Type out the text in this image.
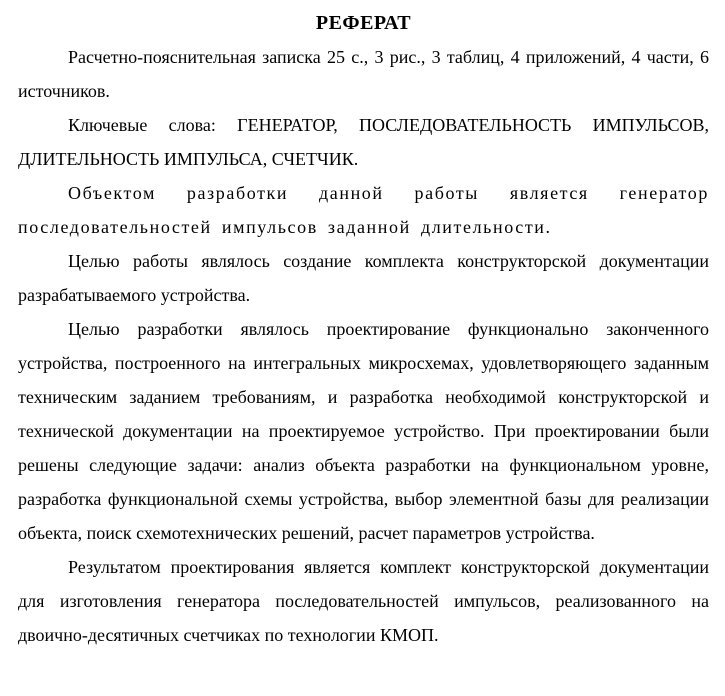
РЕФЕРАТ

Расчетно-пояснительная записка 25 с., 3 рис., 3 таблиц, 4 приложений, 4 части, 6 источников.

Ключевые слова: ГЕНЕРАТОР, ПОСЛЕДОВАТЕЛЬНОСТЬ ИМПУЛЬСОВ, ДЛИТЕЛЬНОСТЬ ИМПУЛЬСА, СЧЕТЧИК.

Объектом разработки данной работы является генератор последовательностей импульсов заданной длительности.

Целью работы являлось создание комплекта конструкторской документации разрабатываемого устройства.

Целью разработки являлось проектирование функционально законченного устройства, построенного на интегральных микросхемах, удовлетворяющего заданным техническим заданием требованиям, и разработка необходимой конструкторской и технической документации на проектируемое устройство. При проектировании были решены следующие задачи: анализ объекта разработки на функциональном уровне, разработка функциональной схемы устройства, выбор элементной базы для реализации объекта, поиск схемотехнических решений, расчет параметров устройства.

Результатом проектирования является комплект конструкторской документации для изготовления генератора последовательностей импульсов, реализованного на двоично-десятичных счетчиках по технологии КМОП.
